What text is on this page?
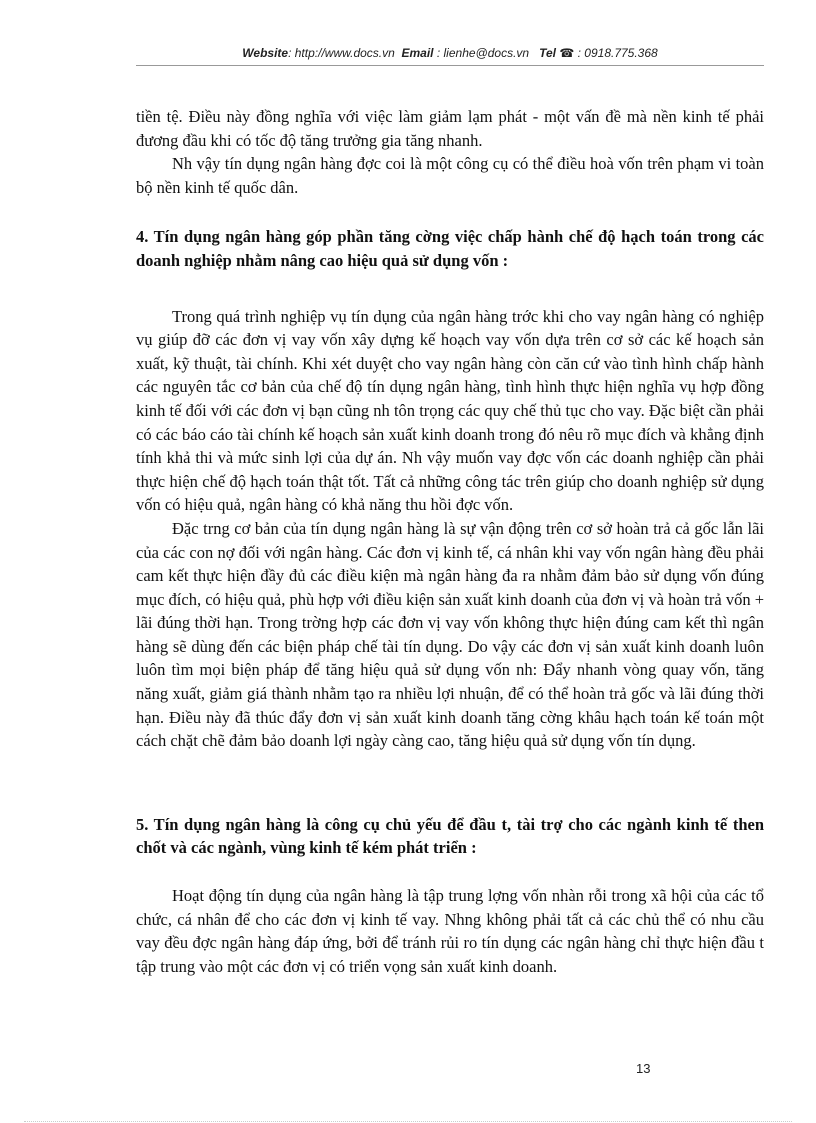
Website: http://www.docs.vn Email : lienhe@docs.vn Tel ☎ : 0918.775.368

tiền tệ. Điều này đồng nghĩa với việc làm giảm lạm phát - một vấn đề mà nền kinh tế phải đương đầu khi có tốc độ tăng trưởng gia tăng nhanh.

Nh vậy tín dụng ngân hàng đợc coi là một công cụ có thể điều hoà vốn trên phạm vi toàn bộ nền kinh tế quốc dân.

4. Tín dụng ngân hàng góp phần tăng cờng việc chấp hành chế độ hạch toán trong các doanh nghiệp nhằm nâng cao hiệu quả sử dụng vốn :

Trong quá trình nghiệp vụ tín dụng của ngân hàng trớc khi cho vay ngân hàng có nghiệp vụ giúp đỡ các đơn vị vay vốn xây dựng kế hoạch vay vốn dựa trên cơ sở các kế hoạch sản xuất, kỹ thuật, tài chính. Khi xét duyệt cho vay ngân hàng còn căn cứ vào tình hình chấp hành các nguyên tắc cơ bản của chế độ tín dụng ngân hàng, tình hình thực hiện nghĩa vụ hợp đồng kinh tế đối với các đơn vị bạn cũng nh tôn trọng các quy chế thủ tục cho vay. Đặc biệt cần phải có các báo cáo tài chính kế hoạch sản xuất kinh doanh trong đó nêu rõ mục đích và khẳng định tính khả thi và mức sinh lợi của dự án. Nh vậy muốn vay đợc vốn các doanh nghiệp cần phải thực hiện chế độ hạch toán thật tốt. Tất cả những công tác trên giúp cho doanh nghiệp sử dụng vốn có hiệu quả, ngân hàng có khả năng thu hồi đợc vốn.

Đặc trng cơ bản của tín dụng ngân hàng là sự vận động trên cơ sở hoàn trả cả gốc lẫn lãi của các con nợ đối với ngân hàng. Các đơn vị kinh tế, cá nhân khi vay vốn ngân hàng đều phải cam kết thực hiện đầy đủ các điều kiện mà ngân hàng đa ra nhằm đảm bảo sử dụng vốn đúng mục đích, có hiệu quả, phù hợp với điều kiện sản xuất kinh doanh của đơn vị và hoàn trả vốn + lãi đúng thời hạn. Trong trờng hợp các đơn vị vay vốn không thực hiện đúng cam kết thì ngân hàng sẽ dùng đến các biện pháp chế tài tín dụng. Do vậy các đơn vị sản xuất kinh doanh luôn luôn tìm mọi biện pháp để tăng hiệu quả sử dụng vốn nh: Đẩy nhanh vòng quay vốn, tăng năng xuất, giảm giá thành nhằm tạo ra nhiều lợi nhuận, để có thể hoàn trả gốc và lãi đúng thời hạn. Điều này đã thúc đẩy đơn vị sản xuất kinh doanh tăng cờng khâu hạch toán kế toán một cách chặt chẽ đảm bảo doanh lợi ngày càng cao, tăng hiệu quả sử dụng vốn tín dụng.

5. Tín dụng ngân hàng là công cụ chủ yếu để đầu t, tài trợ cho các ngành kinh tế then chốt và các ngành, vùng kinh tế kém phát triển :

Hoạt động tín dụng của ngân hàng là tập trung lợng vốn nhàn rỗi trong xã hội của các tổ chức, cá nhân để cho các đơn vị kinh tế vay. Nhng không phải tất cả các chủ thể có nhu cầu vay đều đợc ngân hàng đáp ứng, bởi để tránh rủi ro tín dụng các ngân hàng chỉ thực hiện đầu t tập trung vào một các đơn vị có triển vọng sản xuất kinh doanh.

13
